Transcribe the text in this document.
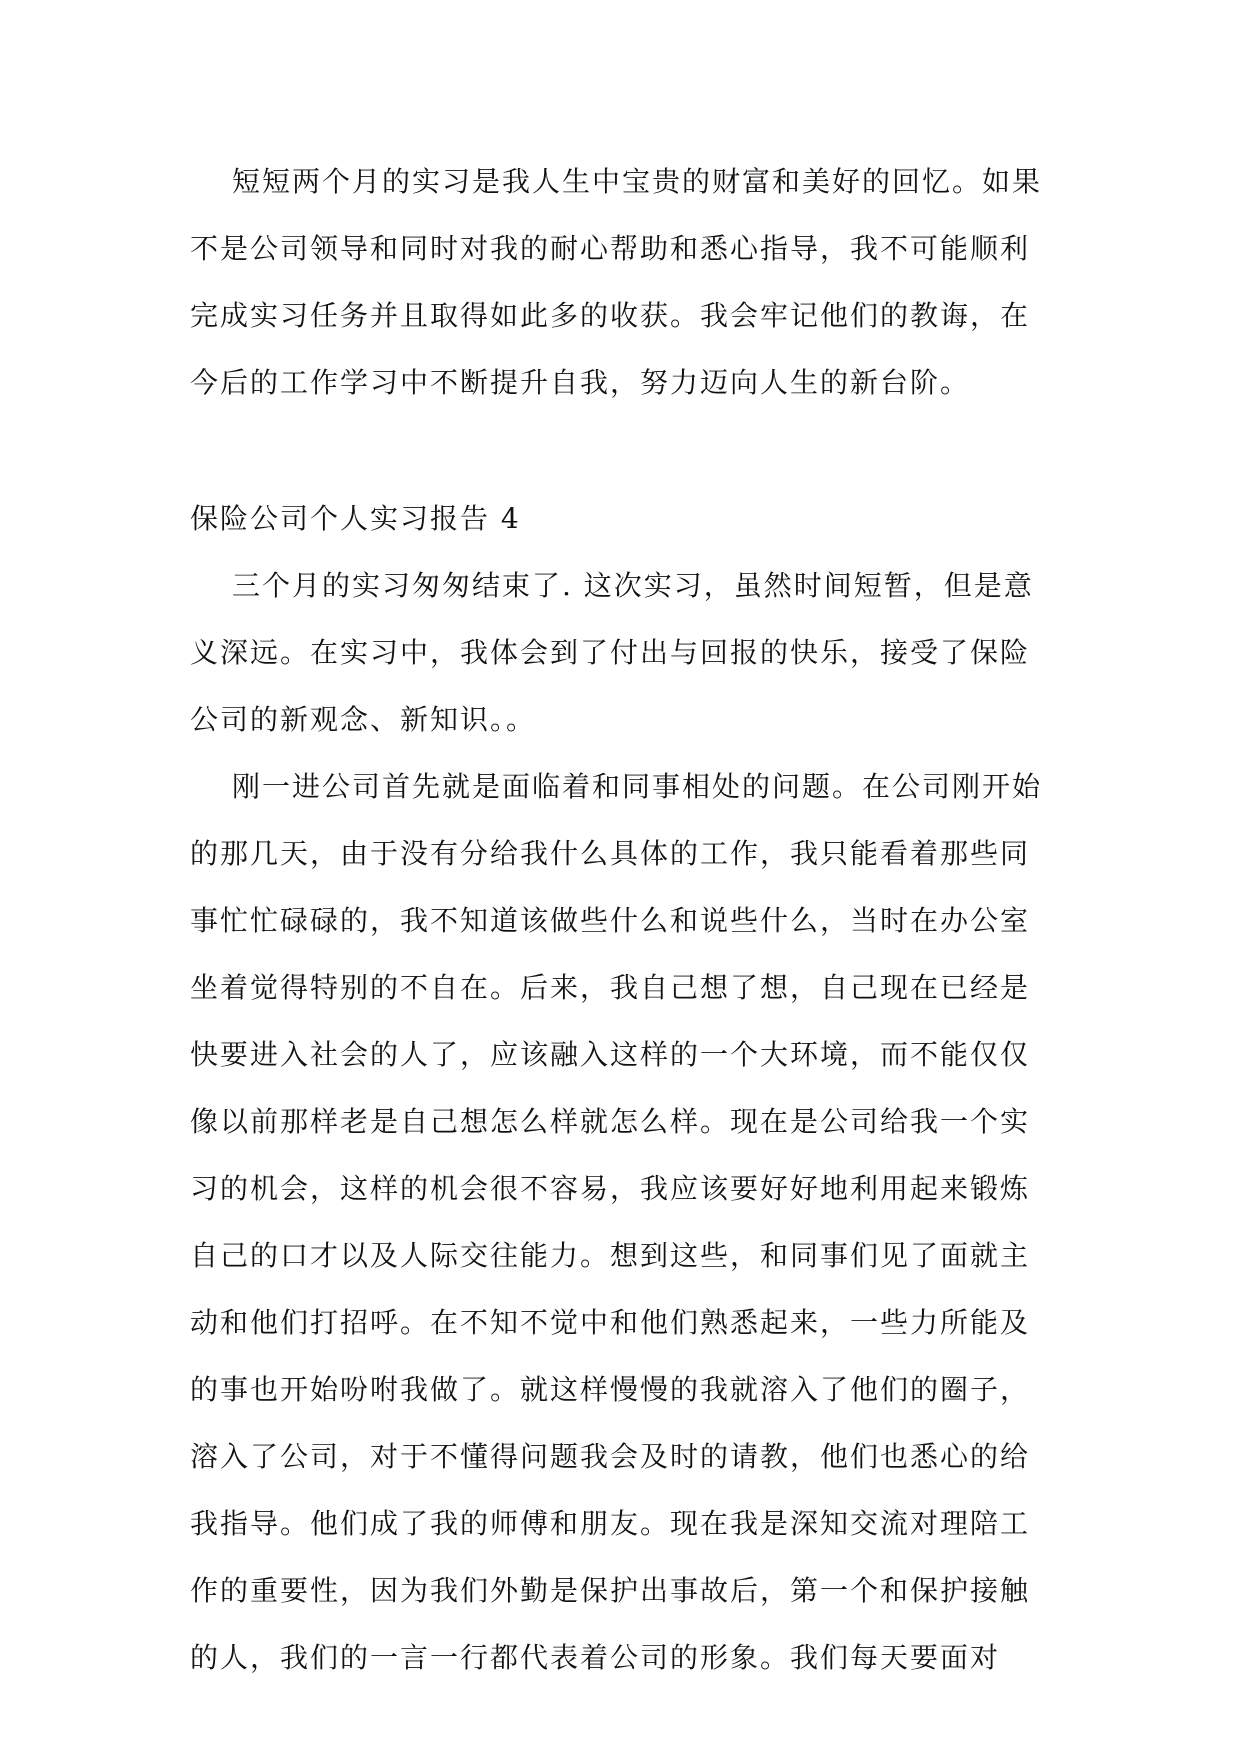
短短两个月的实习是我人生中宝贵的财富和美好的回忆。如果不是公司领导和同时对我的耐心帮助和悉心指导，我不可能顺利完成实习任务并且取得如此多的收获。我会牢记他们的教诲，在今后的工作学习中不断提升自我，努力迈向人生的新台阶。

保险公司个人实习报告 4

三个月的实习匆匆结束了. 这次实习，虽然时间短暂，但是意义深远。在实习中，我体会到了付出与回报的快乐，接受了保险公司的新观念、新知识。。

刚一进公司首先就是面临着和同事相处的问题。在公司刚开始的那几天，由于没有分给我什么具体的工作，我只能看着那些同事忙忙碌碌的，我不知道该做些什么和说些什么，当时在办公室坐着觉得特别的不自在。后来，我自己想了想，自己现在已经是快要进入社会的人了，应该融入这样的一个大环境，而不能仅仅像以前那样老是自己想怎么样就怎么样。现在是公司给我一个实习的机会，这样的机会很不容易，我应该要好好地利用起来锻炼自己的口才以及人际交往能力。想到这些，和同事们见了面就主动和他们打招呼。在不知不觉中和他们熟悉起来，一些力所能及的事也开始吩咐我做了。就这样慢慢的我就溶入了他们的圈子，溶入了公司，对于不懂得问题我会及时的请教，他们也悉心的给我指导。他们成了我的师傅和朋友。现在我是深知交流对理陪工作的重要性，因为我们外勤是保护出事故后，第一个和保护接触的人，我们的一言一行都代表着公司的形象。我们每天要面对
